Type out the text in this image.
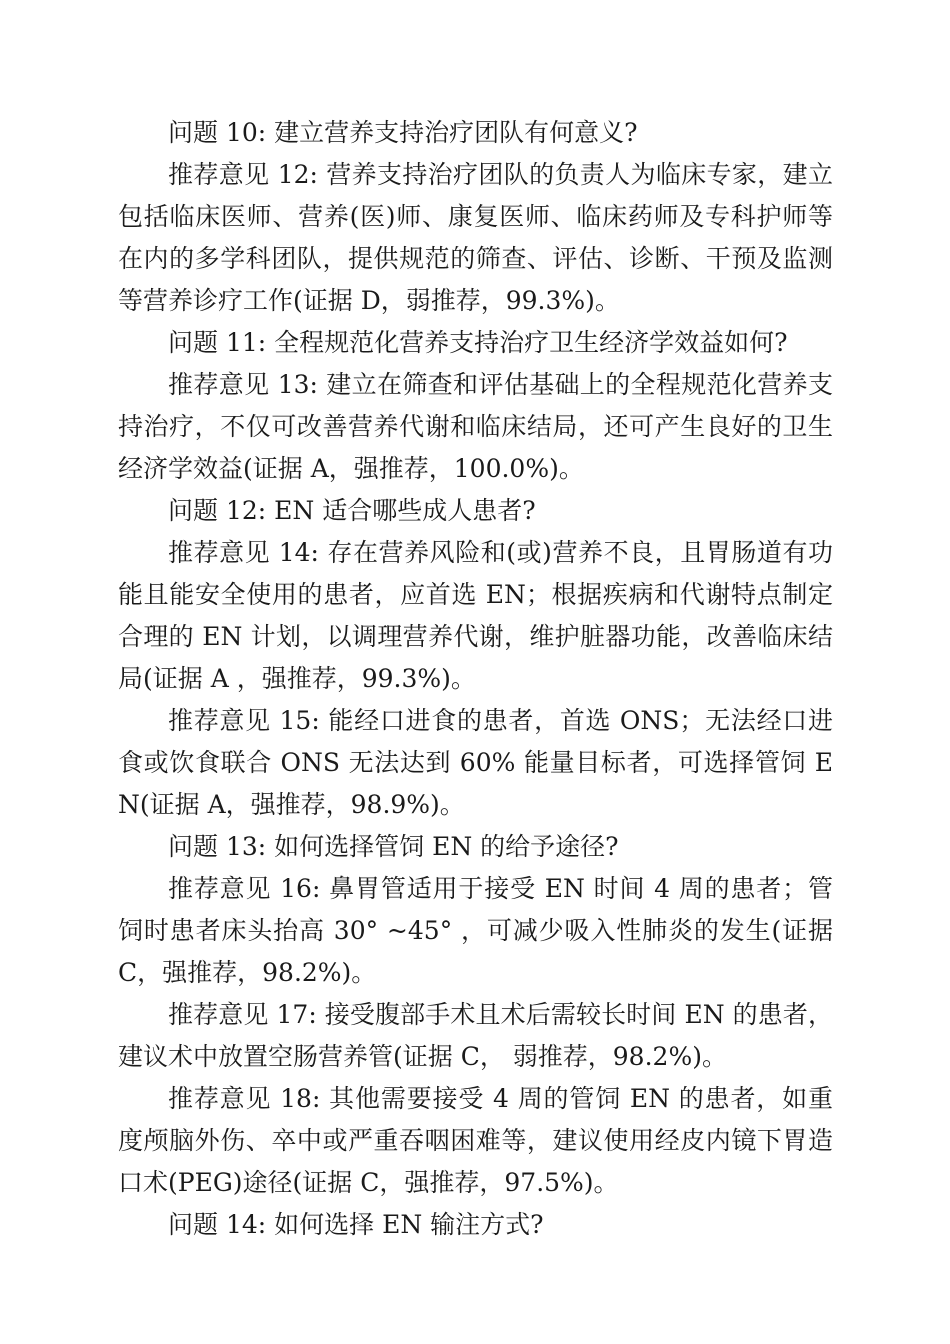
问题 10: 建立营养支持治疗团队有何意义?

推荐意见 12: 营养支持治疗团队的负责人为临床专家，建立包括临床医师、营养(医)师、康复医师、临床药师及专科护师等在内的多学科团队，提供规范的筛查、评估、诊断、干预及监测等营养诊疗工作(证据 D，弱推荐，99.3%)。

问题 11: 全程规范化营养支持治疗卫生经济学效益如何?

推荐意见 13: 建立在筛查和评估基础上的全程规范化营养支持治疗，不仅可改善营养代谢和临床结局，还可产生良好的卫生经济学效益(证据 A，强推荐，100.0%)。

问题 12: EN 适合哪些成人患者?

推荐意见 14: 存在营养风险和(或)营养不良，且胃肠道有功能且能安全使用的患者，应首选 EN；根据疾病和代谢特点制定合理的 EN 计划，以调理营养代谢，维护脏器功能，改善临床结局(证据 A ，强推荐，99.3%)。

推荐意见 15: 能经口进食的患者，首选 ONS；无法经口进食或饮食联合 ONS 无法达到 60% 能量目标者，可选择管饲 EN(证据 A，强推荐，98.9%)。

问题 13: 如何选择管饲 EN 的给予途径?

推荐意见 16: 鼻胃管适用于接受 EN 时间 4 周的患者；管饲时患者床头抬高 30° ~45° ，可减少吸入性肺炎的发生(证据 C，强推荐，98.2%)。

推荐意见 17: 接受腹部手术且术后需较长时间 EN 的患者，建议术中放置空肠营养管(证据 C， 弱推荐，98.2%)。

推荐意见 18: 其他需要接受 4 周的管饲 EN 的患者，如重度颅脑外伤、卒中或严重吞咽困难等，建议使用经皮内镜下胃造口术(PEG)途径(证据 C，强推荐，97.5%)。

问题 14: 如何选择 EN 输注方式?
